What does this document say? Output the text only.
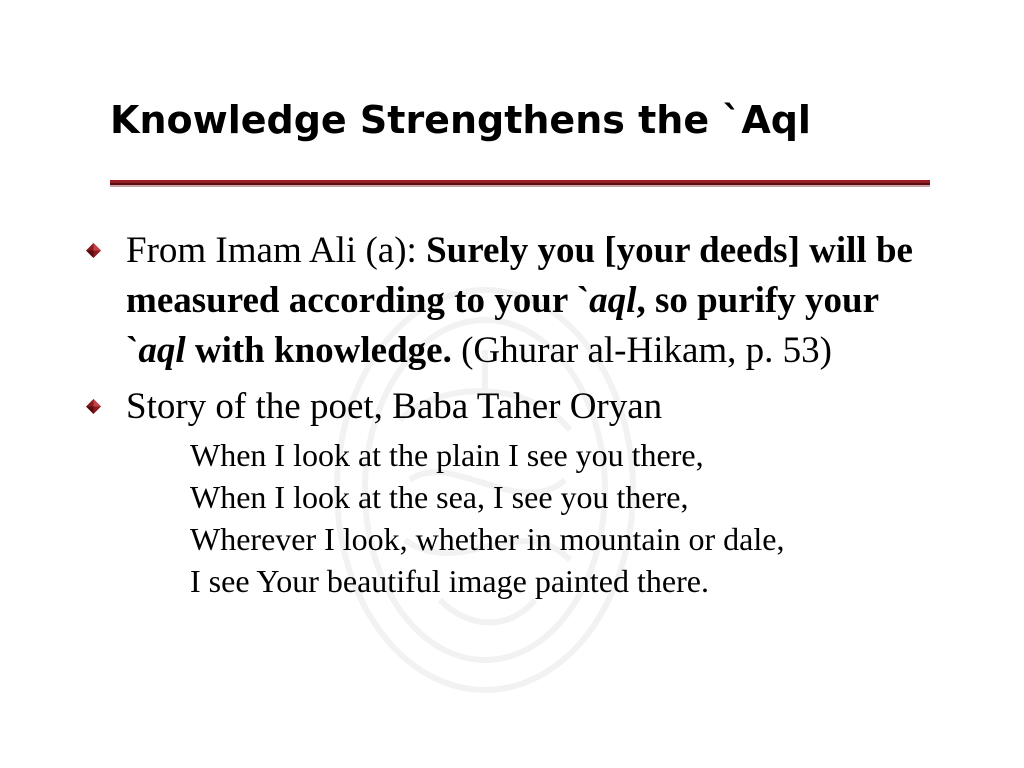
Knowledge Strengthens the `Aql
From Imam Ali (a): Surely you [your deeds] will be measured according to your `aql, so purify your `aql with knowledge. (Ghurar al-Hikam, p. 53)
Story of the poet, Baba Taher Oryan
When I look at the plain I see you there,
When I look at the sea, I see you there,
Wherever I look, whether in mountain or dale,
I see Your beautiful image painted there.
